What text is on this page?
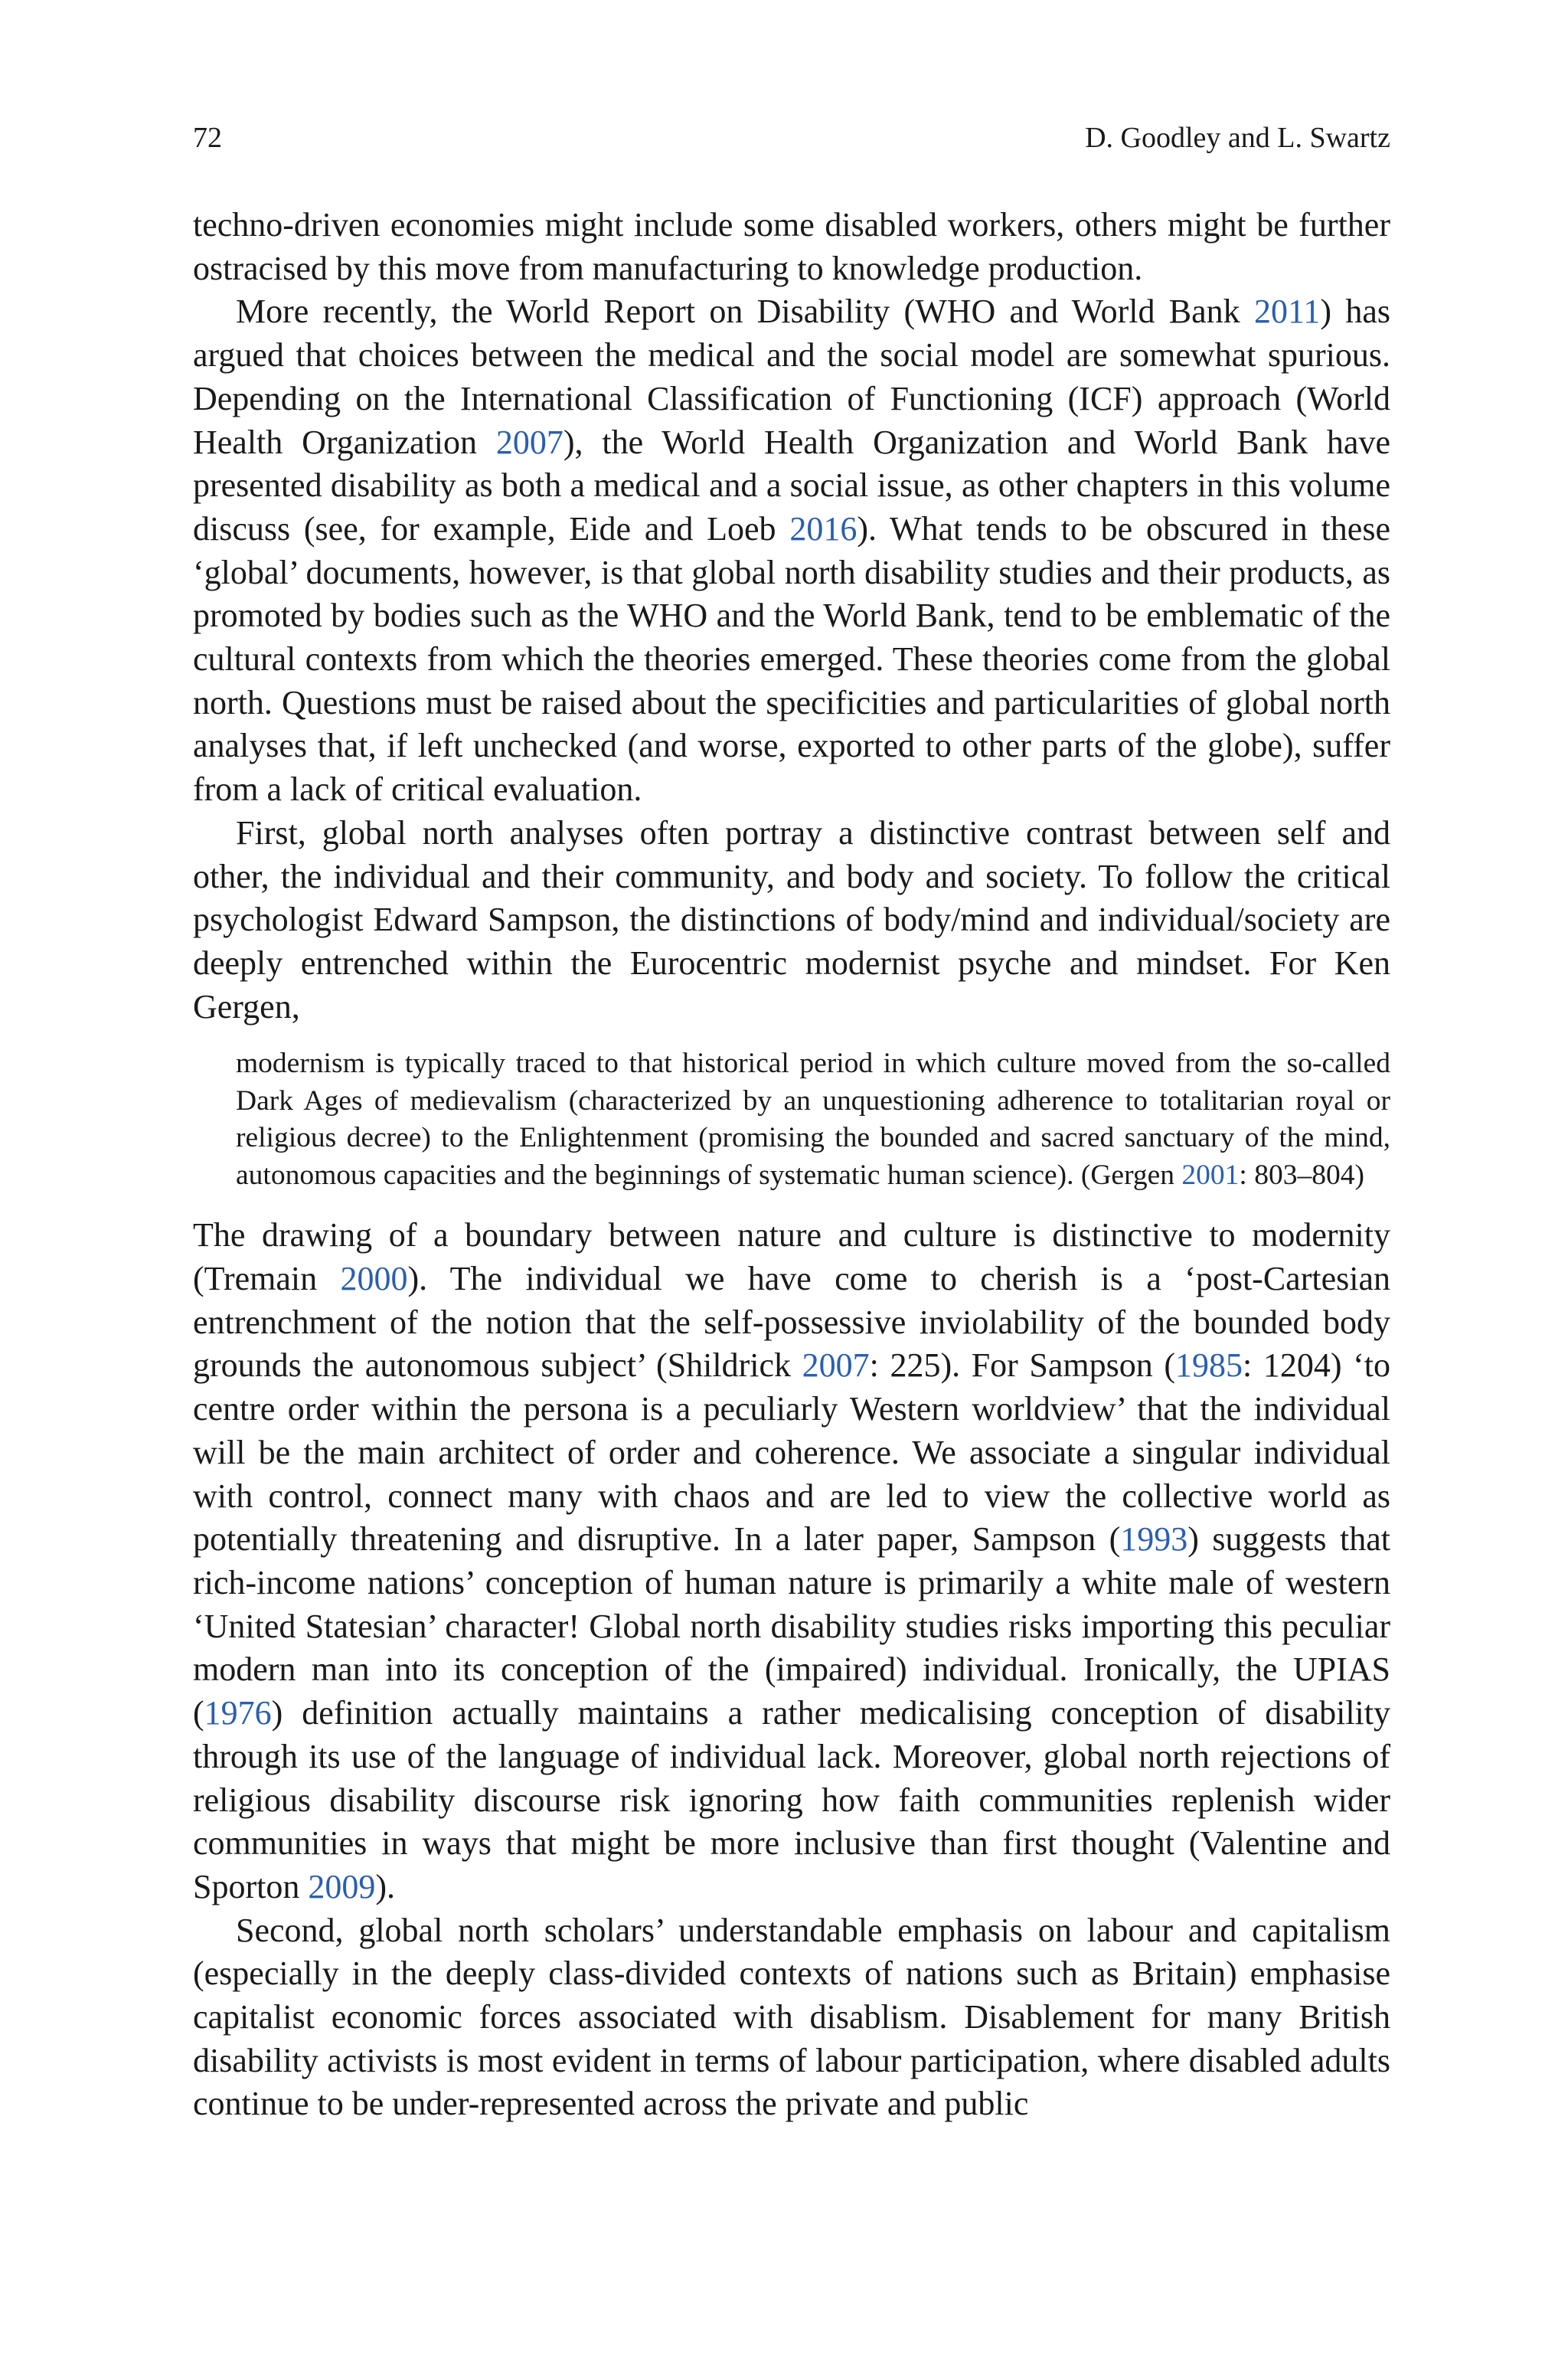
72	D. Goodley and L. Swartz

techno-driven economies might include some disabled workers, others might be further ostracised by this move from manufacturing to knowledge production.

More recently, the World Report on Disability (WHO and World Bank 2011) has argued that choices between the medical and the social model are somewhat spurious. Depending on the International Classification of Functioning (ICF) approach (World Health Organization 2007), the World Health Organization and World Bank have presented disability as both a medical and a social issue, as other chapters in this volume discuss (see, for example, Eide and Loeb 2016). What tends to be obscured in these ‘global’ documents, however, is that global north disability studies and their products, as promoted by bodies such as the WHO and the World Bank, tend to be emblematic of the cultural contexts from which the theories emerged. These theories come from the global north. Questions must be raised about the specificities and particularities of global north analyses that, if left unchecked (and worse, exported to other parts of the globe), suffer from a lack of critical evaluation.

First, global north analyses often portray a distinctive contrast between self and other, the individual and their community, and body and society. To follow the critical psychologist Edward Sampson, the distinctions of body/mind and individual/society are deeply entrenched within the Eurocentric modernist psyche and mindset. For Ken Gergen,

modernism is typically traced to that historical period in which culture moved from the so-called Dark Ages of medievalism (characterized by an unquestioning adherence to totalitarian royal or religious decree) to the Enlightenment (promising the bounded and sacred sanctuary of the mind, autonomous capacities and the beginnings of systematic human science). (Gergen 2001: 803–804)

The drawing of a boundary between nature and culture is distinctive to modernity (Tremain 2000). The individual we have come to cherish is a ‘post-Cartesian entrenchment of the notion that the self-possessive inviolability of the bounded body grounds the autonomous subject’ (Shildrick 2007: 225). For Sampson (1985: 1204) ‘to centre order within the persona is a peculiarly Western worldview’ that the individual will be the main architect of order and coherence. We associate a singular individual with control, connect many with chaos and are led to view the collective world as potentially threatening and disruptive. In a later paper, Sampson (1993) suggests that rich-income nations’ conception of human nature is primarily a white male of western ‘United Statesian’ character! Global north disability studies risks importing this peculiar modern man into its conception of the (impaired) individual. Ironically, the UPIAS (1976) definition actually maintains a rather medicalising conception of disability through its use of the language of individual lack. Moreover, global north rejections of religious disability discourse risk ignoring how faith communities replenish wider communities in ways that might be more inclusive than first thought (Valentine and Sporton 2009).

Second, global north scholars’ understandable emphasis on labour and capitalism (especially in the deeply class-divided contexts of nations such as Britain) emphasise capitalist economic forces associated with disablism. Disablement for many British disability activists is most evident in terms of labour participation, where disabled adults continue to be under-represented across the private and public
